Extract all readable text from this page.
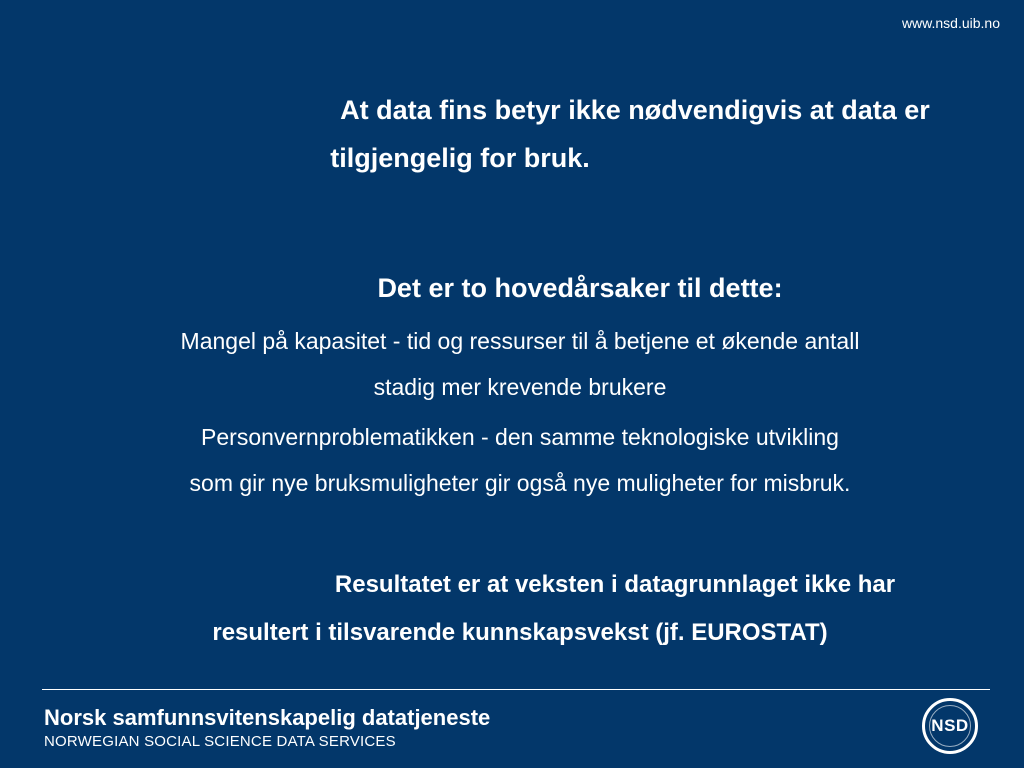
www.nsd.uib.no
At data fins betyr ikke nødvendigvis at data er
tilgjengelig for bruk.
Det er to hovedårsaker til dette:
Mangel på kapasitet - tid og ressurser til å betjene et økende antall
stadig mer krevende brukere
Personvernproblematikken - den samme teknologiske utvikling
som gir nye bruksmuligheter gir også nye muligheter for misbruk.
Resultatet er at veksten i datagrunnlaget ikke har
resultert i tilsvarende kunnskapsvekst (jf. EUROSTAT)
Norsk samfunnsvitenskapelig datatjeneste
NORWEGIAN SOCIAL SCIENCE DATA SERVICES
NSD
